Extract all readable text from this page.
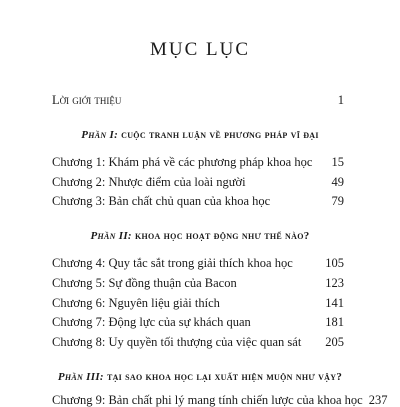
MỤC LỤC
Lời giới thiệu	1
Phần I: cuộc tranh luận về phương pháp vĩ đại
Chương 1: Khám phá về các phương pháp khoa học	15
Chương 2: Nhược điểm của loài người	49
Chương 3: Bản chất chủ quan của khoa học	79
Phần II: khoa học hoạt động như thế nào?
Chương 4: Quy tắc sắt trong giải thích khoa học	105
Chương 5: Sự đồng thuận của Bacon	123
Chương 6: Nguyên liệu giải thích	141
Chương 7: Động lực của sự khách quan	181
Chương 8: Uy quyền tối thượng của việc quan sát	205
Phần III: tại sao khoa học lại xuất hiện muộn như vậy?
Chương 9: Bản chất phi lý mang tính chiến lược của khoa học 237
